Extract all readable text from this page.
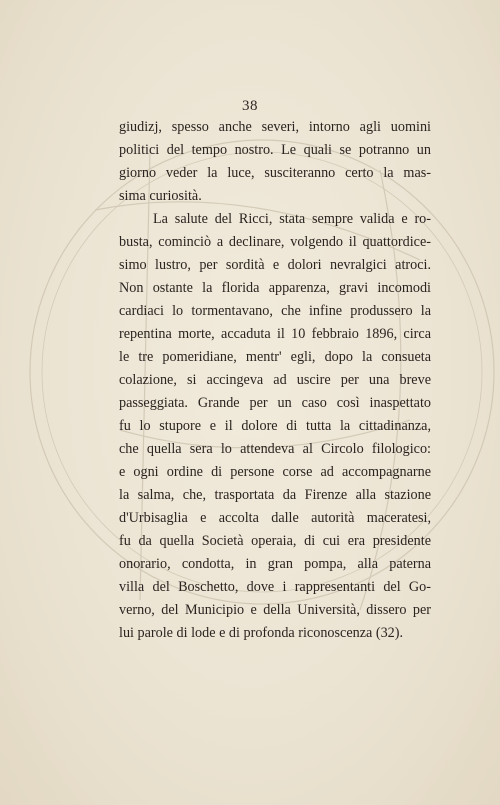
38
giudizj, spesso anche severi, intorno agli uomini
politici del tempo nostro. Le quali se potranno un
giorno veder la luce, susciteranno certo la mas-
sima curiosità.
La salute del Ricci, stata sempre valida e ro-
busta, cominciò a declinare, volgendo il quattordice-
simo lustro, per sordità e dolori nevralgici atroci.
Non ostante la florida apparenza, gravi incomodi
cardiaci lo tormentavano, che infine produssero la
repentina morte, accaduta il 10 febbraio 1896, circa
le tre pomeridiane, mentr' egli, dopo la consueta
colazione, si accingeva ad uscire per una breve
passeggiata. Grande per un caso così inaspettato
fu lo stupore e il dolore di tutta la cittadinanza,
che quella sera lo attendeva al Circolo filologico:
e ogni ordine di persone corse ad accompagnarne
la salma, che, trasportata da Firenze alla stazione
d'Urbisaglia e accolta dalle autorità maceratesi,
fu da quella Società operaia, di cui era presidente
onorario, condotta, in gran pompa, alla paterna
villa del Boschetto, dove i rappresentanti del Go-
verno, del Municipio e della Università, dissero per
lui parole di lode e di profonda riconoscenza (32).
